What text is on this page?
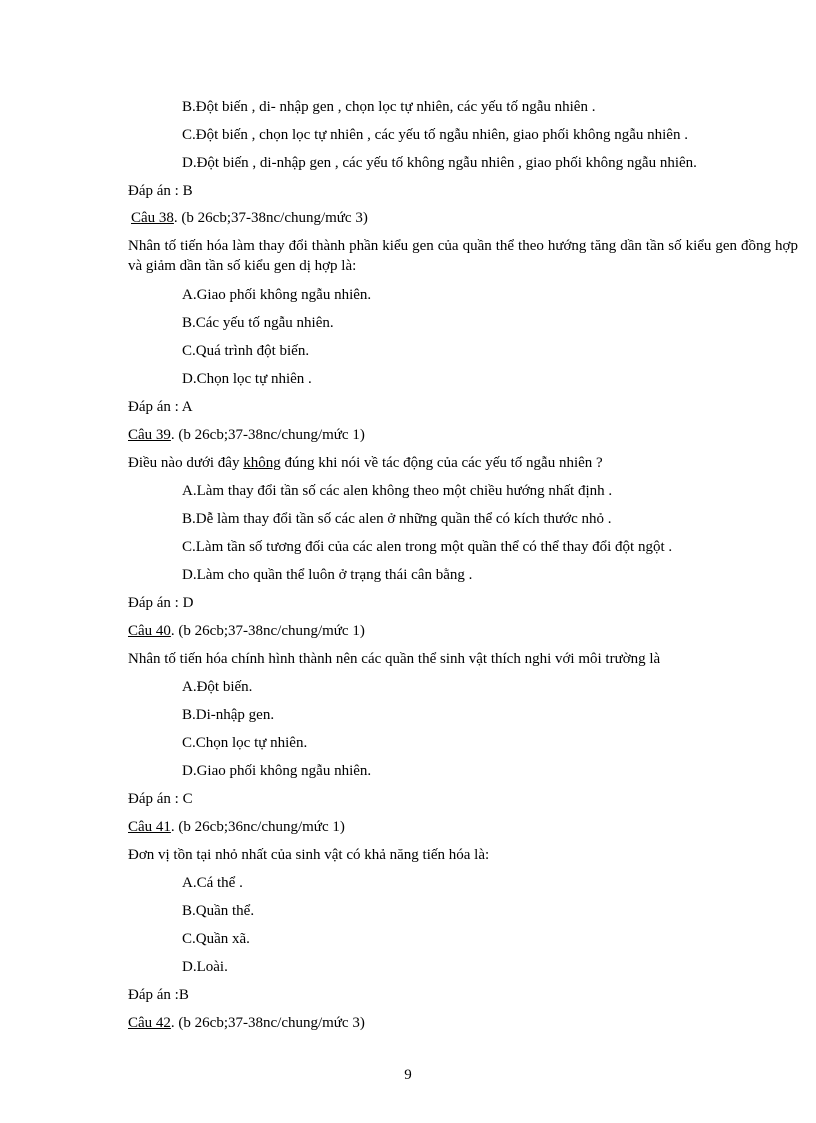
B.Đột biến , di- nhập gen , chọn lọc tự nhiên, các yếu tố ngẫu nhiên .
C.Đột biến , chọn lọc tự nhiên , các yếu tố ngẫu nhiên, giao phối không ngẫu nhiên .
D.Đột biến , di-nhập gen , các yếu tố không ngẫu nhiên , giao phối không ngẫu nhiên.
Đáp án : B
Câu 38. (b 26cb;37-38nc/chung/mức 3)
Nhân tố tiến hóa làm thay đổi thành phần kiểu gen của quần thể theo hướng tăng dần tần số kiểu gen đồng hợp và giảm dần tần số kiểu gen dị hợp là:
A.Giao phối không ngẫu nhiên.
B.Các yếu tố ngẫu nhiên.
C.Quá trình đột biến.
D.Chọn lọc tự nhiên .
Đáp án : A
Câu 39. (b 26cb;37-38nc/chung/mức 1)
Điều nào dưới đây không đúng khi nói về tác động của các yếu tố ngẫu nhiên ?
A.Làm thay đổi tần số các alen không theo một chiều hướng nhất định .
B.Dễ làm thay đổi tần số các alen ở những quần thể có kích thước nhỏ .
C.Làm tần số tương đối của các alen trong một quần thể có thể thay đổi đột ngột .
D.Làm cho quần thể luôn ở trạng thái cân bằng .
Đáp án : D
Câu 40. (b 26cb;37-38nc/chung/mức 1)
Nhân tố tiến hóa chính hình thành nên các quần thể sinh vật thích nghi với môi trường là
A.Đột biến.
B.Di-nhập gen.
C.Chọn lọc tự nhiên.
D.Giao phối không ngẫu nhiên.
Đáp án : C
Câu 41. (b 26cb;36nc/chung/mức 1)
Đơn vị tồn tại nhỏ nhất của sinh vật có khả năng tiến hóa là:
A.Cá thể .
B.Quần thể.
C.Quần xã.
D.Loài.
Đáp án :B
Câu 42. (b 26cb;37-38nc/chung/mức 3)
9
